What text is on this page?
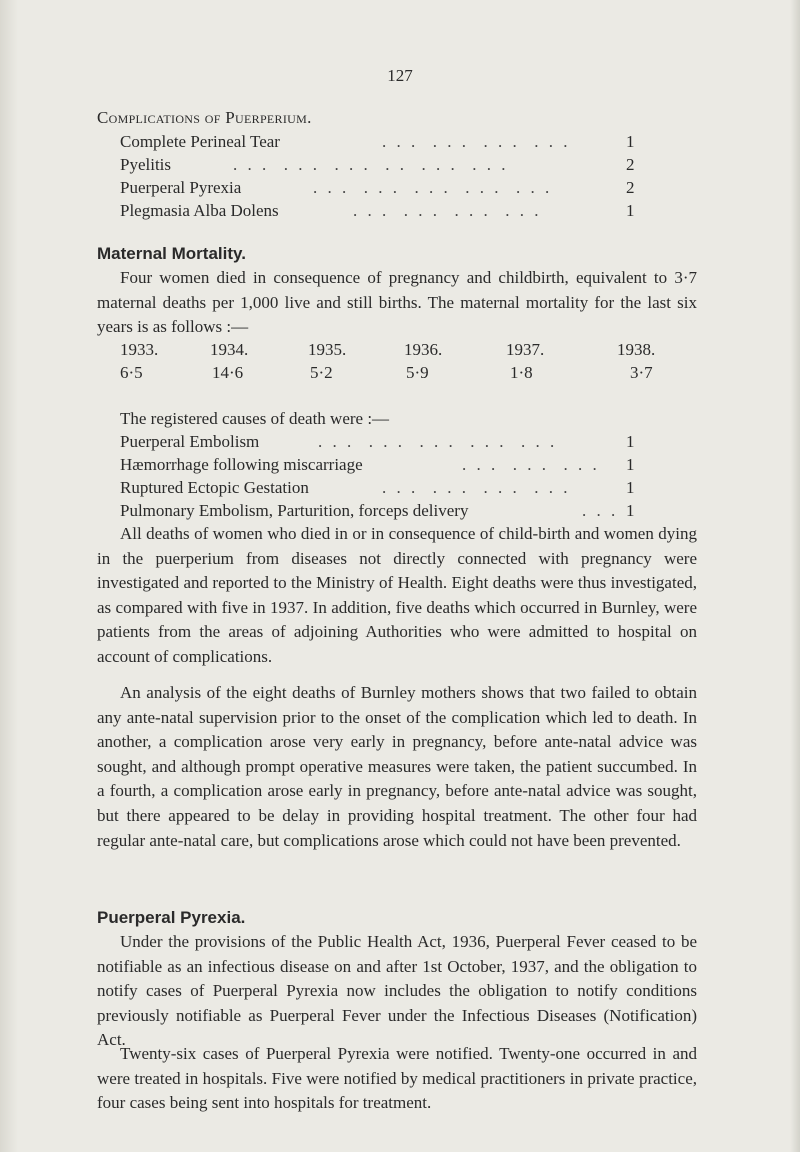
127
Complications of Puerperium.
Complete Perineal Tear	. . .  . . .  . . .  . . .	1
Pyelitis	. . .  . . .  . . .  . .  . . .  . . .	2
Puerperal Pyrexia	. . .  . . .  . . .  . . .  . . .	2
Plegmasia Alba Dolens	. . .  . . .  . . .  . . .	1
Maternal Mortality.
Four women died in consequence of pregnancy and childbirth, equivalent to 3·7 maternal deaths per 1,000 live and still births. The maternal mortality for the last six years is as follows :—
1933.	1934.	1935.	1936.	1937.	1938.
6·5	14·6	5·2	5·9	1·8	3·7
The registered causes of death were :—
Puerperal Embolism	. . .  . . .  . . .  . . .  . . .	1
Hæmorrhage following miscarriage	. . .  . . .  . . . 1
Ruptured Ectopic Gestation	. . .  . . .  . . .  . . .	1
Pulmonary Embolism, Parturition, forceps delivery	. . . 1
All deaths of women who died in or in consequence of child-birth and women dying in the puerperium from diseases not directly connected with pregnancy were investigated and reported to the Ministry of Health. Eight deaths were thus investigated, as compared with five in 1937. In addition, five deaths which occurred in Burnley, were patients from the areas of adjoining Authorities who were admitted to hospital on account of complications.
An analysis of the eight deaths of Burnley mothers shows that two failed to obtain any ante-natal supervision prior to the onset of the complication which led to death. In another, a complication arose very early in pregnancy, before ante-natal advice was sought, and although prompt operative measures were taken, the patient succumbed. In a fourth, a complication arose early in pregnancy, before ante-natal advice was sought, but there appeared to be delay in providing hospital treatment. The other four had regular ante-natal care, but complications arose which could not have been prevented.
Puerperal Pyrexia.
Under the provisions of the Public Health Act, 1936, Puerperal Fever ceased to be notifiable as an infectious disease on and after 1st October, 1937, and the obligation to notify cases of Puerperal Pyrexia now includes the obligation to notify conditions previously notifiable as Puerperal Fever under the Infectious Diseases (Notification) Act.
Twenty-six cases of Puerperal Pyrexia were notified. Twenty-one occurred in and were treated in hospitals. Five were notified by medical practitioners in private practice, four cases being sent into hospitals for treatment.
